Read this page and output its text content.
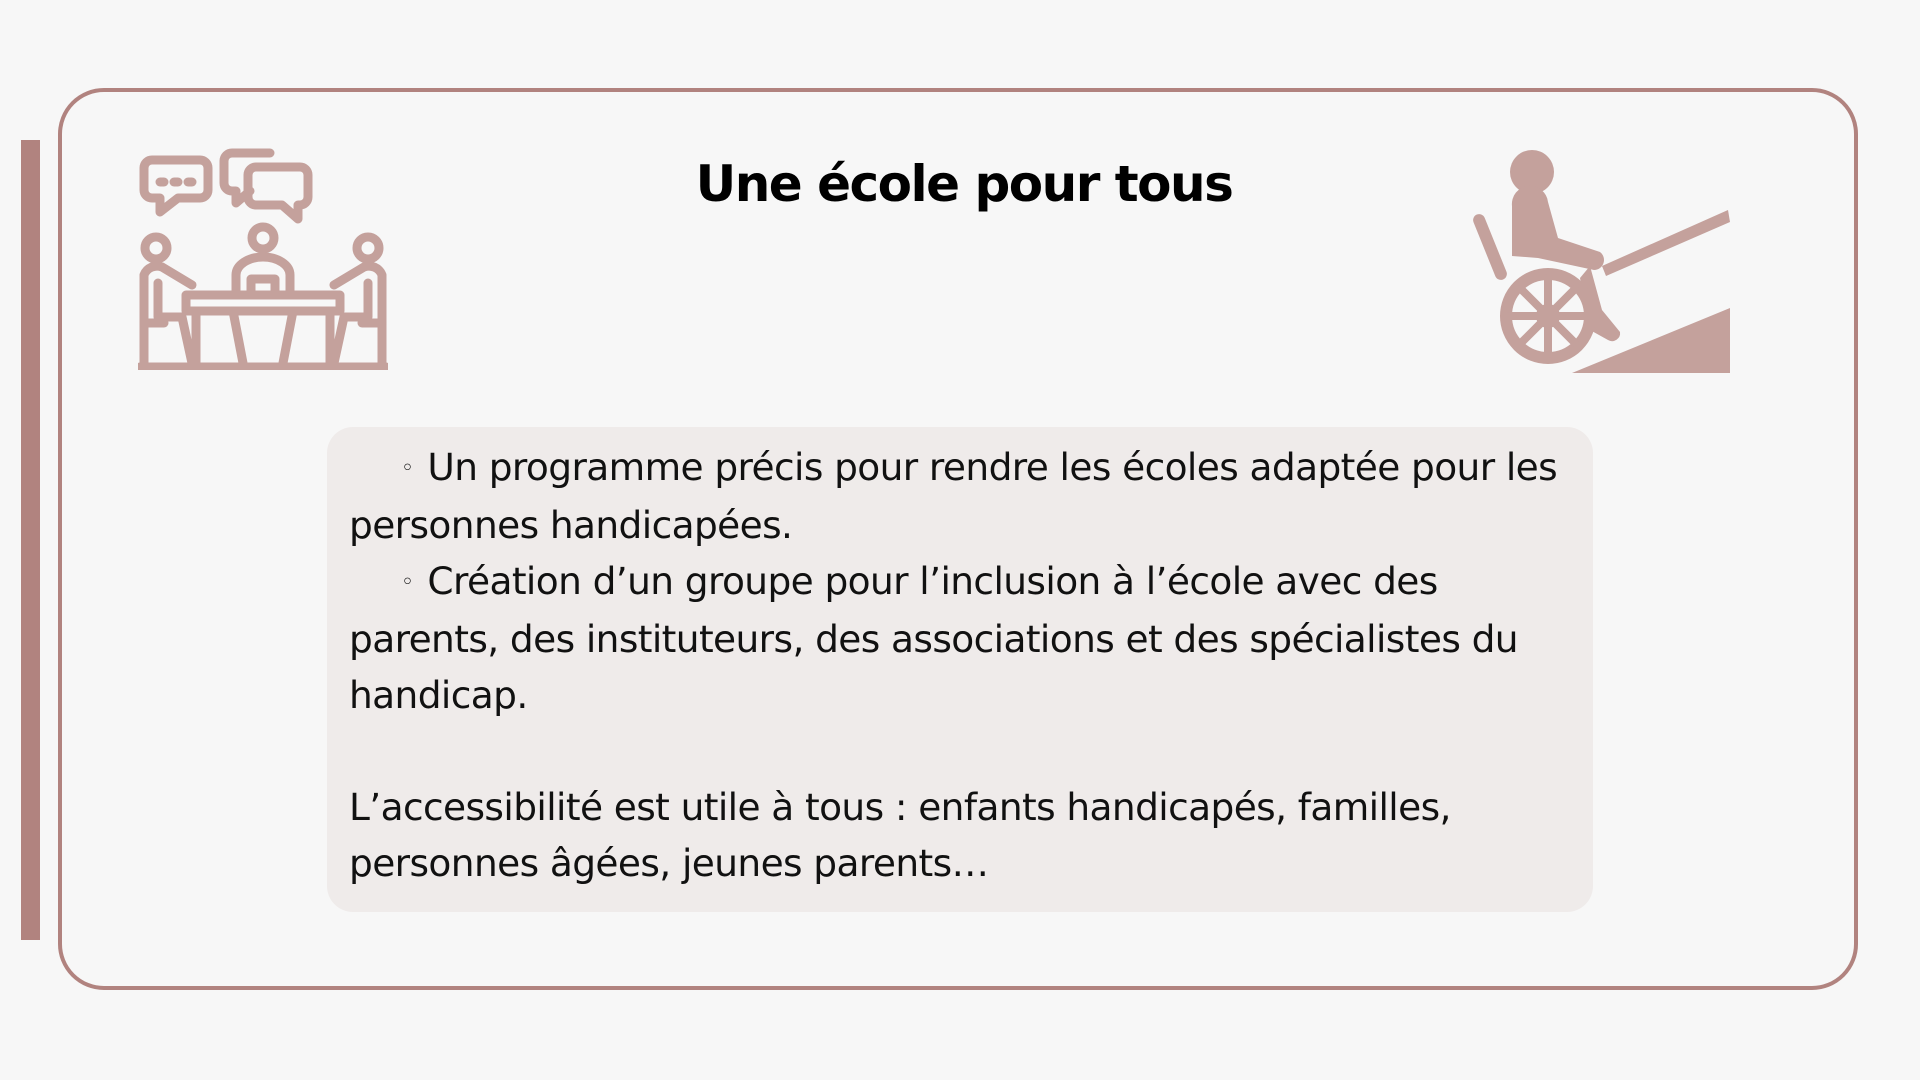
Une école pour tous

◦ Un programme précis pour rendre les écoles adaptée pour les personnes handicapées.

◦ Création d’un groupe pour l’inclusion à l’école avec des parents, des instituteurs, des associations et des spécialistes du handicap.

L’accessibilité est utile à tous : enfants handicapés, familles, personnes âgées, jeunes parents…
